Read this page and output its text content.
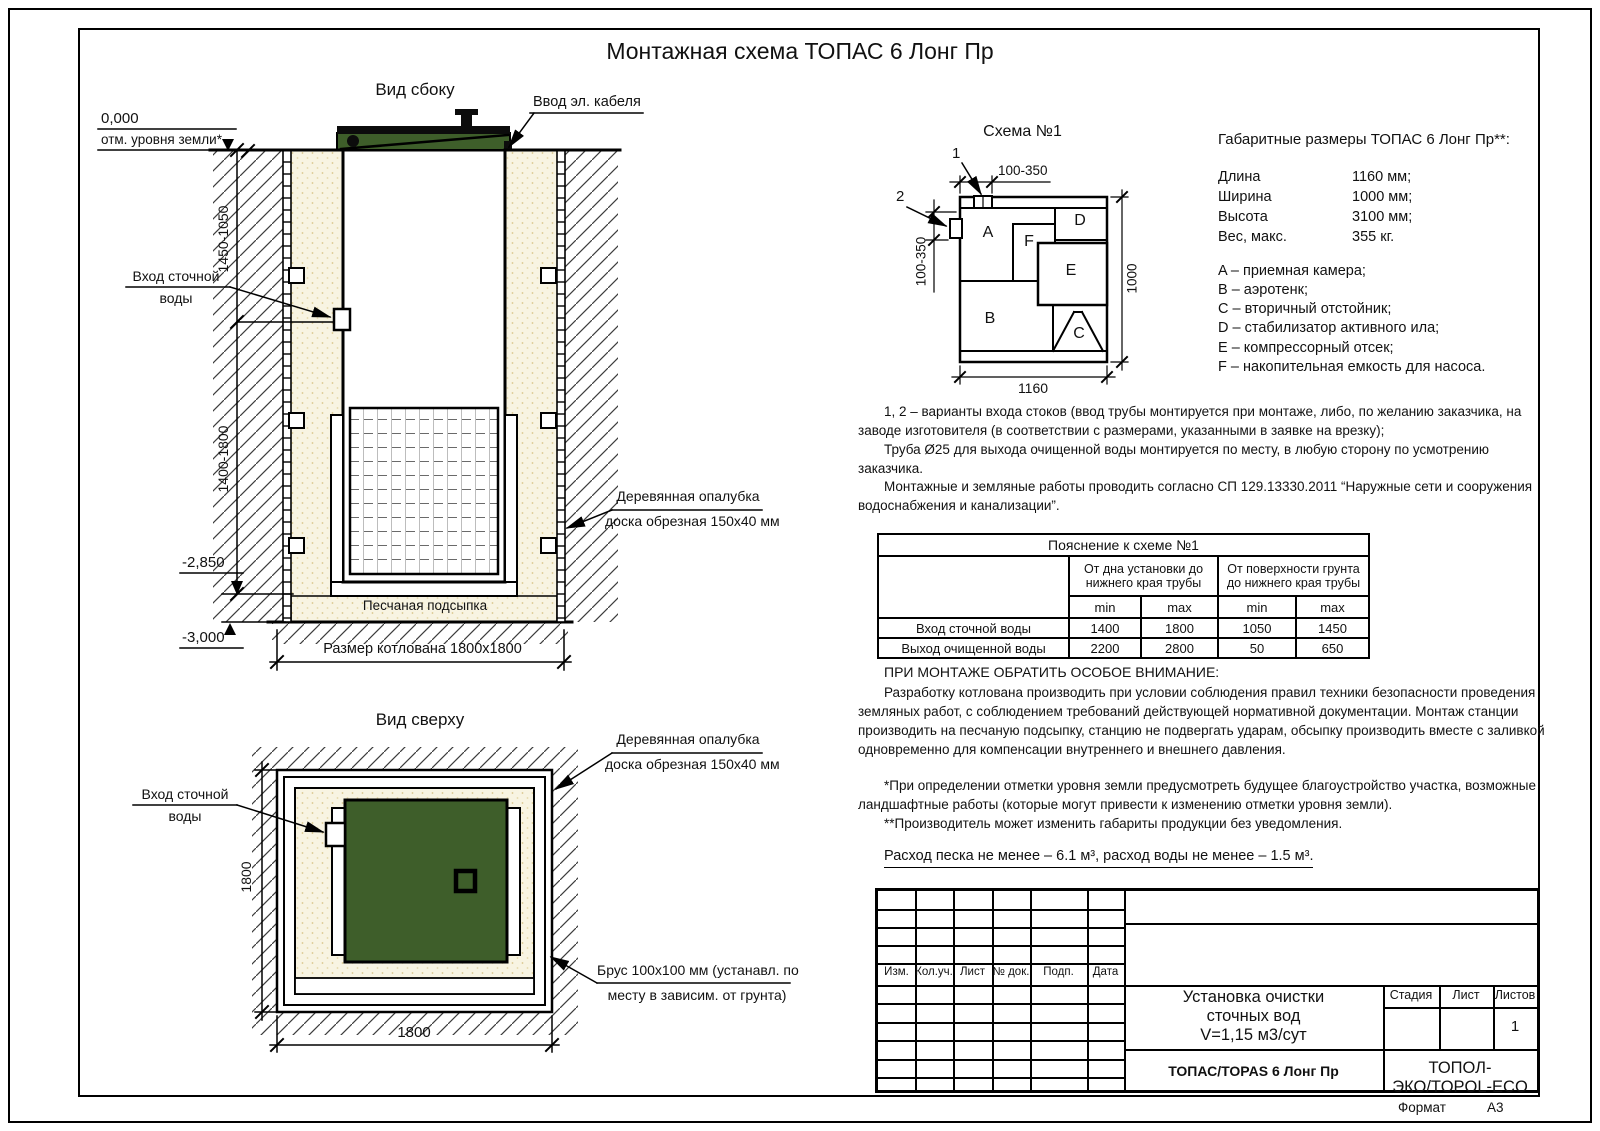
Монтажная схема ТОПАС 6 Лонг Пр
Вид сбоку
Ввод эл. кабеля
0,000
отм. уровня земли*
Вход сточной
воды
1450-1050
1400-1800
-2,850
-3,000
Песчаная подсыпка
Размер котлована 1800х1800
Деревянная опалубка
доска обрезная 150х40 мм
Вид сверху
Вход сточной
воды
Деревянная опалубка
доска обрезная 150х40 мм
Брус 100х100 мм (устанавл. по
месту в зависим. от грунта)
1800
1800
Схема №1
1
2
100-350
100-350
1160
1000
A
B
C
D
E
F
Габаритные размеры ТОПАС 6 Лонг Пр**:
Длина	1160 мм;
Ширина	1000 мм;
Высота	3100 мм;
Вес, макс.	355 кг.
A – приемная камера;
B – аэротенк;
C – вторичный отстойник;
D – стабилизатор активного ила;
E – компрессорный отсек;
F – накопительная емкость для насоса.
1, 2 – варианты входа стоков (ввод трубы монтируется при монтаже, либо, по желанию заказчика, на заводе изготовителя (в соответствии с размерами, указанными в заявке на врезку);
Труба Ø25 для выхода очищенной воды монтируется по месту, в любую сторону по усмотрению заказчика.
Монтажные и земляные работы проводить согласно СП 129.13330.2011 “Наружные сети и сооружения водоснабжения и канализации”.
ПРИ МОНТАЖЕ ОБРАТИТЬ ОСОБОЕ ВНИМАНИЕ:
Разработку котлована производить при условии соблюдения правил техники безопасности проведения земляных работ, с соблюдением требований действующей нормативной документации. Монтаж станции производить на песчаную подсыпку, станцию не подвергать ударам, обсыпку производить вместе с заливкой одновременно для компенсации внутреннего и внешнего давления.
*При определении отметки уровня земли предусмотреть будущее благоустройство участка, возможные ландшафтные работы (которые могут привести к изменению отметки уровня земли).
**Производитель может изменить габариты продукции без уведомления.
Расход песка не менее – 6.1 м³, расход воды не менее – 1.5 м³.
Пояснение к схеме №1				
	От дна установки до нижнего края трубы		От поверхности грунта до нижнего края трубы	
	min	max	min	max
Вход сточной воды	1400	1800	1050	1450
Выход очищенной воды	2200	2800	50	650
Изм. Кол.уч. Лист № док.	Подп.	Дата
Установка очистки
сточных вод
V=1,15 м3/сут
Стадия	Лист	Листов
1
ТОПАС/TOPAS 6 Лонг Пр	ТОПОЛ-ЭКО/TOPOL-ECO
Формат	А3
